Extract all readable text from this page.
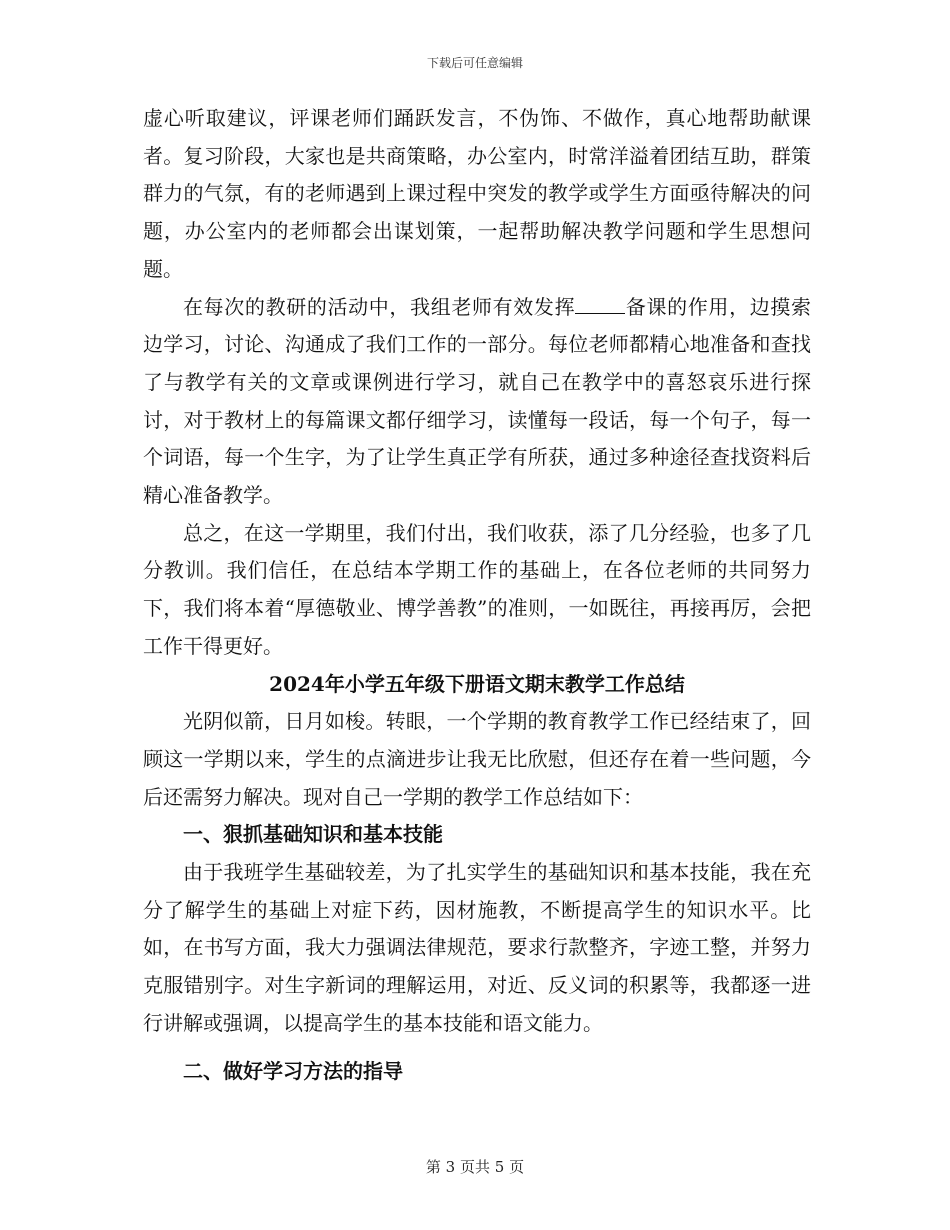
下载后可任意编辑

虚心听取建议，评课老师们踊跃发言，不伪饰、不做作，真心地帮助献课者。复习阶段，大家也是共商策略，办公室内，时常洋溢着团结互助，群策群力的气氛，有的老师遇到上课过程中突发的教学或学生方面亟待解决的问题，办公室内的老师都会出谋划策，一起帮助解决教学问题和学生思想问题。

在每次的教研的活动中，我组老师有效发挥	备课的作用，边摸索边学习，讨论、沟通成了我们工作的一部分。每位老师都精心地准备和查找了与教学有关的文章或课例进行学习，就自己在教学中的喜怒哀乐进行探讨，对于教材上的每篇课文都仔细学习，读懂每一段话，每一个句子，每一个词语，每一个生字，为了让学生真正学有所获，通过多种途径查找资料后精心准备教学。

总之，在这一学期里，我们付出，我们收获，添了几分经验，也多了几分教训。我们信任，在总结本学期工作的基础上，在各位老师的共同努力下，我们将本着“厚德敬业、博学善教”的准则，一如既往，再接再厉，会把工作干得更好。

2024年小学五年级下册语文期末教学工作总结

光阴似箭，日月如梭。转眼，一个学期的教育教学工作已经结束了，回顾这一学期以来，学生的点滴进步让我无比欣慰，但还存在着一些问题，今后还需努力解决。现对自己一学期的教学工作总结如下：

一、狠抓基础知识和基本技能

由于我班学生基础较差，为了扎实学生的基础知识和基本技能，我在充分了解学生的基础上对症下药，因材施教，不断提高学生的知识水平。比如，在书写方面，我大力强调法律规范，要求行款整齐，字迹工整，并努力克服错别字。对生字新词的理解运用，对近、反义词的积累等，我都逐一进行讲解或强调，以提高学生的基本技能和语文能力。

二、做好学习方法的指导

第 3 页共 5 页
